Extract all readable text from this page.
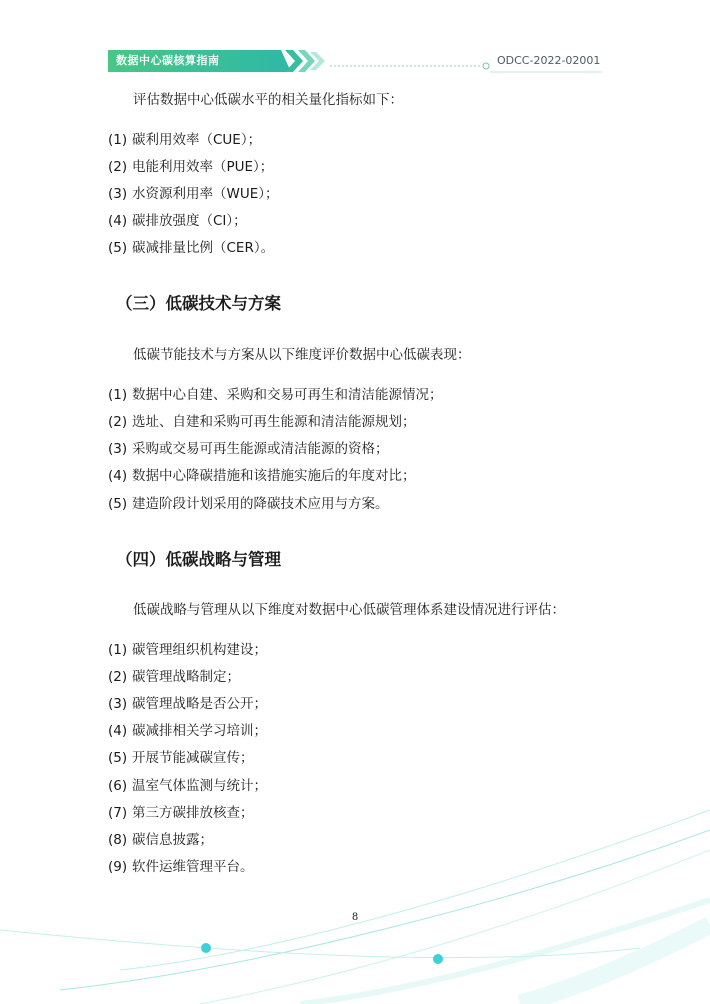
数据中心碳核算指南	ODCC-2022-02001
评估数据中心低碳水平的相关量化指标如下：
(1) 碳利用效率（CUE）；
(2) 电能利用效率（PUE）；
(3) 水资源利用率（WUE）；
(4) 碳排放强度（CI）；
(5) 碳减排量比例（CER）。
（三）低碳技术与方案
低碳节能技术与方案从以下维度评价数据中心低碳表现：
(1) 数据中心自建、采购和交易可再生和清洁能源情况；
(2) 选址、自建和采购可再生能源和清洁能源规划；
(3) 采购或交易可再生能源或清洁能源的资格；
(4) 数据中心降碳措施和该措施实施后的年度对比；
(5) 建造阶段计划采用的降碳技术应用与方案。
（四）低碳战略与管理
低碳战略与管理从以下维度对数据中心低碳管理体系建设情况进行评估：
(1) 碳管理组织机构建设；
(2) 碳管理战略制定；
(3) 碳管理战略是否公开；
(4) 碳减排相关学习培训；
(5) 开展节能减碳宣传；
(6) 温室气体监测与统计；
(7) 第三方碳排放核查；
(8) 碳信息披露；
(9) 软件运维管理平台。
8
